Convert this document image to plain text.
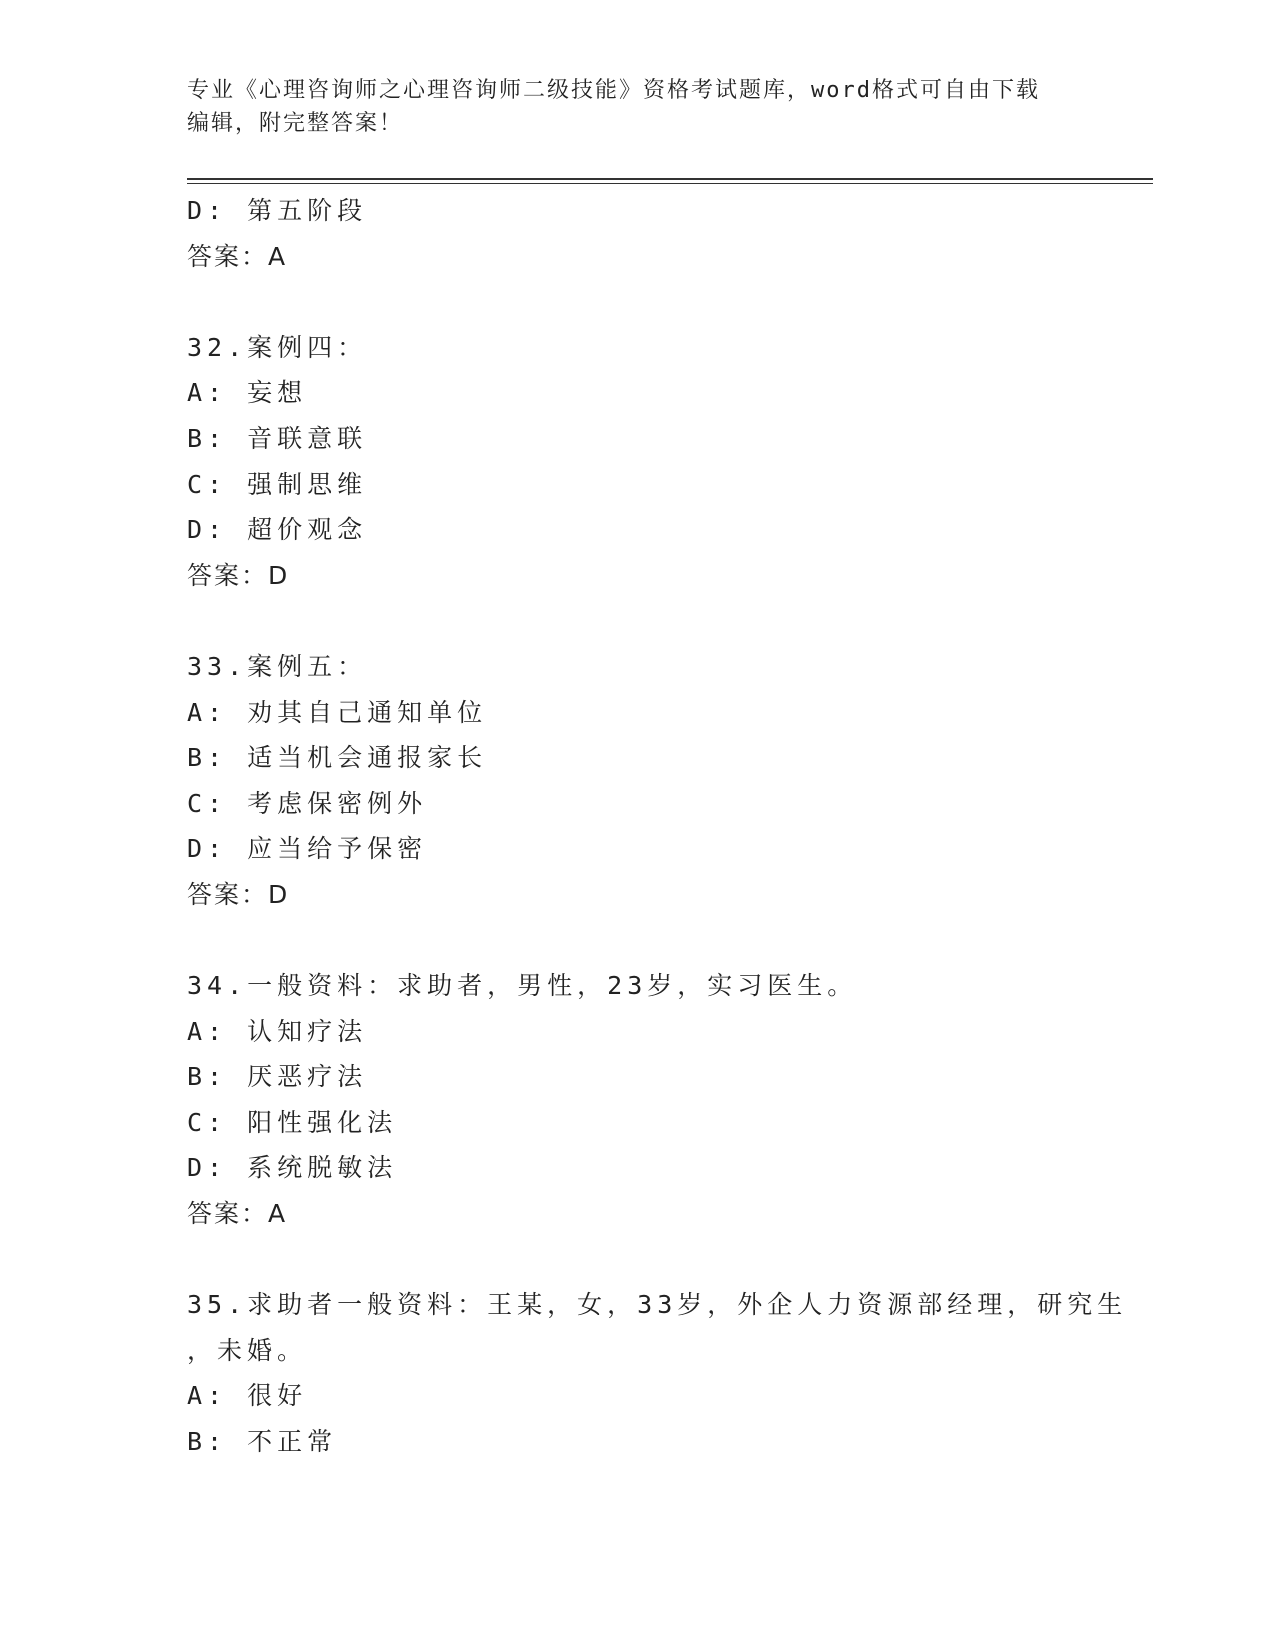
专业《心理咨询师之心理咨询师二级技能》资格考试题库，word格式可自由下载
编辑，附完整答案！
D: 第五阶段
答案：A
32.案例四：
A: 妄想
B: 音联意联
C: 强制思维
D: 超价观念
答案：D
33.案例五：
A: 劝其自己通知单位
B: 适当机会通报家长
C: 考虑保密例外
D: 应当给予保密
答案：D
34.一般资料：求助者，男性，23岁，实习医生。
A: 认知疗法
B: 厌恶疗法
C: 阳性强化法
D: 系统脱敏法
答案：A
35.求助者一般资料：王某，女，33岁，外企人力资源部经理，研究生
，未婚。
A: 很好
B: 不正常
